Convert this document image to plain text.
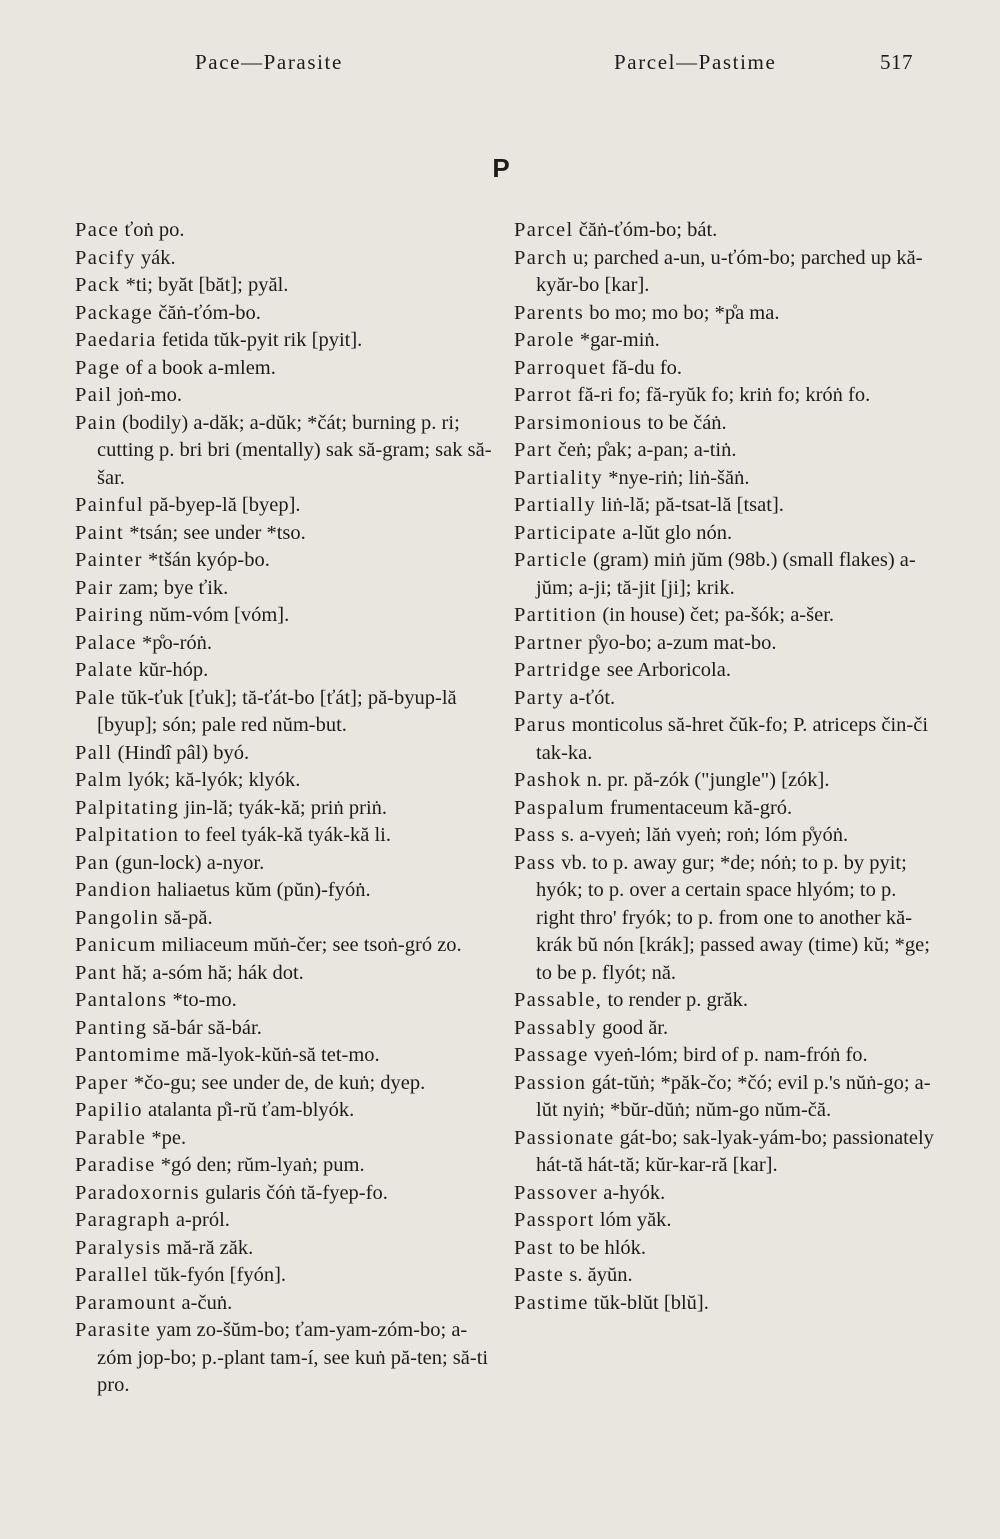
Pace—Parasite	Parcel—Pastime	517
P

Pace ťoṅ po.

Pacify yák.

Pack *ti; byăt [băt]; pyăl.

Package čăṅ-ťóm-bo.

Paedaria fetida tŭk-pyit rik [pyit].

Page of a book a-mlem.

Pail joṅ-mo.

Pain (bodily) a-dăk; a-dŭk; *čát; burning p. ri; cutting p. bri bri (mentally) sak să-gram; sak să-šar.

Painful pă-byep-lă [byep].

Paint *tsán; see under *tso.

Painter *tšán kyóp-bo.

Pair zam; bye ťik.

Pairing nŭm-vóm [vóm].

Palace *p̊o-róṅ.

Palate kŭr-hóp.

Pale tŭk-ťuk [ťuk]; tă-ťát-bo [ťát]; pă-byup-lă [byup]; són; pale red nŭm-but.

Pall (Hindî pâl) byó.

Palm lyók; kă-lyók; klyók.

Palpitating jin-lă; tyák-kă; priṅ priṅ.

Palpitation to feel tyák-kă tyák-kă li.

Pan (gun-lock) a-nyor.

Pandion haliaetus kŭm (pŭn)-fyóṅ.

Pangolin să-pă.

Panicum miliaceum mŭṅ-čer; see tsoṅ-gró zo.

Pant hă; a-sóm hă; hák dot.

Pantalons *to-mo.

Panting să-bár să-bár.

Pantomime mă-lyok-kŭṅ-să tet-mo.

Paper *čo-gu; see under de, de kuṅ; dyep.

Papilio atalanta p̊i-rŭ ťam-blyók.

Parable *pe.

Paradise *gó den; rŭm-lyaṅ; pum.

Paradoxornis gularis čóṅ tă-fyep-fo.

Paragraph a-pról.

Paralysis mă-ră zăk.

Parallel tŭk-fyón [fyón].

Paramount a-čuṅ.

Parasite yam zo-šŭm-bo; ťam-yam-zóm-bo; a-zóm jop-bo; p.-plant tam-í, see kuṅ pă-ten; să-ti pro.

Parcel čăṅ-ťóm-bo; bát.

Parch u; parched a-un, u-ťóm-bo; parched up kă-kyăr-bo [kar].

Parents bo mo; mo bo; *p̊a ma.

Parole *gar-miṅ.

Parroquet fă-du fo.

Parrot fă-ri fo; fă-ryŭk fo; kriṅ fo; króṅ fo.

Parsimonious to be čáṅ.

Part čeṅ; p̊ak; a-pan; a-tiṅ.

Partiality *nye-riṅ; liṅ-šăṅ.

Partially liṅ-lă; pă-tsat-lă [tsat].

Participate a-lŭt glo nón.

Particle (gram) miṅ jŭm (98b.) (small flakes) a-jŭm; a-ji; tă-jit [ji]; krik.

Partition (in house) čet; pa-šók; a-šer.

Partner p̊yo-bo; a-zum mat-bo.

Partridge see Arboricola.

Party a-ťót.

Parus monticolus să-hret čŭk-fo; P. atriceps čin-či tak-ka.

Pashok n. pr. pă-zók ("jungle") [zók].

Paspalum frumentaceum kă-gró.

Pass s. a-vyeṅ; lăṅ vyeṅ; roṅ; lóm p̊yóṅ.

Pass vb. to p. away gur; *de; nóṅ; to p. by pyit; hyók; to p. over a certain space hlyóm; to p. right thro' fryók; to p. from one to another kă-krák bŭ nón [krák]; passed away (time) kŭ; *ge; to be p. flyót; nă.

Passable, to render p. grăk.

Passably good ăr.

Passage vyeṅ-lóm; bird of p. nam-fróṅ fo.

Passion gát-tŭṅ; *păk-čo; *čó; evil p.'s nŭṅ-go; a-lŭt nyiṅ; *bŭr-dŭṅ; nŭm-go nŭm-čă.

Passionate gát-bo; sak-lyak-yám-bo; passionately hát-tă hát-tă; kŭr-kar-ră [kar].

Passover a-hyók.

Passport lóm yăk.

Past to be hlók.

Paste s. ăyŭn.

Pastime tŭk-blŭt [blŭ].
